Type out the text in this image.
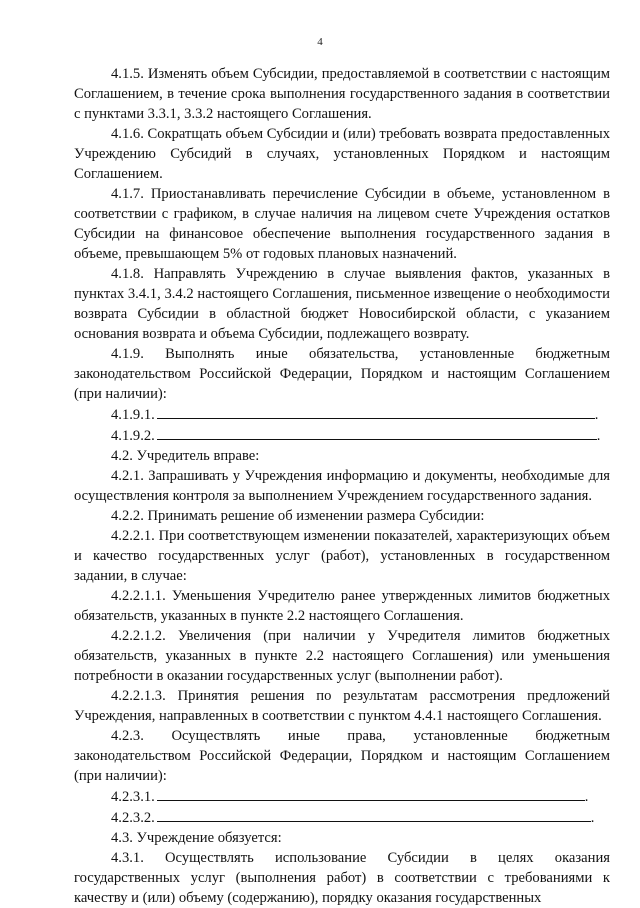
4

4.1.5. Изменять объем Субсидии, предоставляемой в соответствии с настоящим Соглашением, в течение срока выполнения государственного задания в соответствии с пунктами 3.3.1, 3.3.2 настоящего Соглашения.

4.1.6. Сократщать объем Субсидии и (или) требовать возврата предоставленных Учреждению Субсидий в случаях, установленных Порядком и настоящим Соглашением.

4.1.7. Приостанавливать перечисление Субсидии в объеме, установленном в соответствии с графиком, в случае наличия на лицевом счете Учреждения остатков Субсидии на финансовое обеспечение выполнения государственного задания в объеме, превышающем 5% от годовых плановых назначений.

4.1.8. Направлять Учреждению в случае выявления фактов, указанных в пунктах 3.4.1, 3.4.2 настоящего Соглашения, письменное извещение о необходимости возврата Субсидии в областной бюджет Новосибирской области, с указанием основания возврата и объема Субсидии, подлежащего возврату.

4.1.9. Выполнять иные обязательства, установленные бюджетным законодательством Российской Федерации, Порядком и настоящим Соглашением (при наличии):

4.1.9.1.	.

4.1.9.2.	.

4.2. Учредитель вправе:

4.2.1. Запрашивать у Учреждения информацию и документы, необходимые для осуществления контроля за выполнением Учреждением государственного задания.

4.2.2. Принимать решение об изменении размера Субсидии:

4.2.2.1. При соответствующем изменении показателей, характеризующих объем и качество государственных услуг (работ), установленных в государственном задании, в случае:

4.2.2.1.1. Уменьшения Учредителю ранее утвержденных лимитов бюджетных обязательств, указанных в пункте 2.2 настоящего Соглашения.

4.2.2.1.2. Увеличения (при наличии у Учредителя лимитов бюджетных обязательств, указанных в пункте 2.2 настоящего Соглашения) или уменьшения потребности в оказании государственных услуг (выполнении работ).

4.2.2.1.3. Принятия решения по результатам рассмотрения предложений Учреждения, направленных в соответствии с пунктом 4.4.1 настоящего Соглашения.

4.2.3. Осуществлять иные права, установленные бюджетным законодательством Российской Федерации, Порядком и настоящим Соглашением (при наличии):

4.2.3.1.	.

4.2.3.2.	.

4.3. Учреждение обязуется:

4.3.1. Осуществлять использование Субсидии в целях оказания государственных услуг (выполнения работ) в соответствии с требованиями к качеству и (или) объему (содержанию), порядку оказания государственных
